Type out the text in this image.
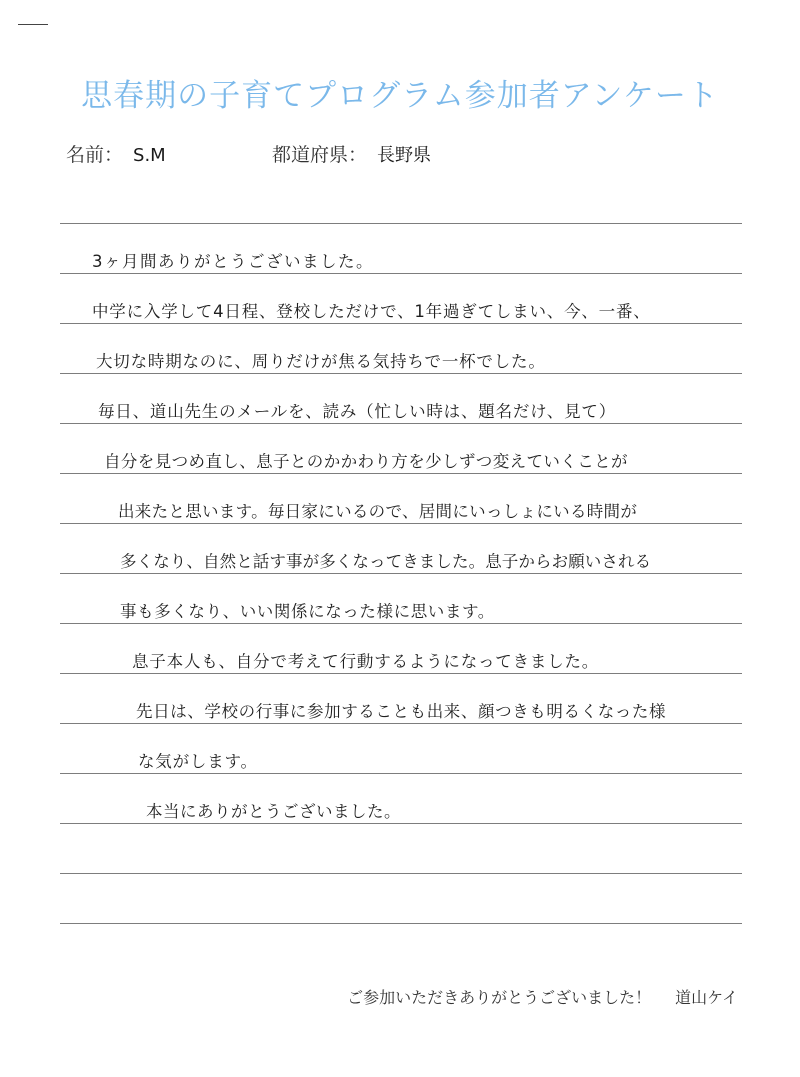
思春期の子育てプログラム参加者アンケート
名前： S.M	都道府県： 長野県
3ヶ月間ありがとうございました。
中学に入学して4日程、登校しただけで、1年過ぎてしまい、今、一番、
大切な時期なのに、周りだけが焦る気持ちで一杯でした。
毎日、道山先生のメールを、読み（忙しい時は、題名だけ、見て）
自分を見つめ直し、息子とのかかわり方を少しずつ変えていくことが
出来たと思います。毎日家にいるので、居間にいっしょにいる時間が
多くなり、自然と話す事が多くなってきました。息子からお願いされる
事も多くなり、いい関係になった様に思います。
息子本人も、自分で考えて行動するようになってきました。
先日は、学校の行事に参加することも出来、顔つきも明るくなった様
な気がします。
本当にありがとうございました。
ご参加いただきありがとうございました！ 道山ケイ
